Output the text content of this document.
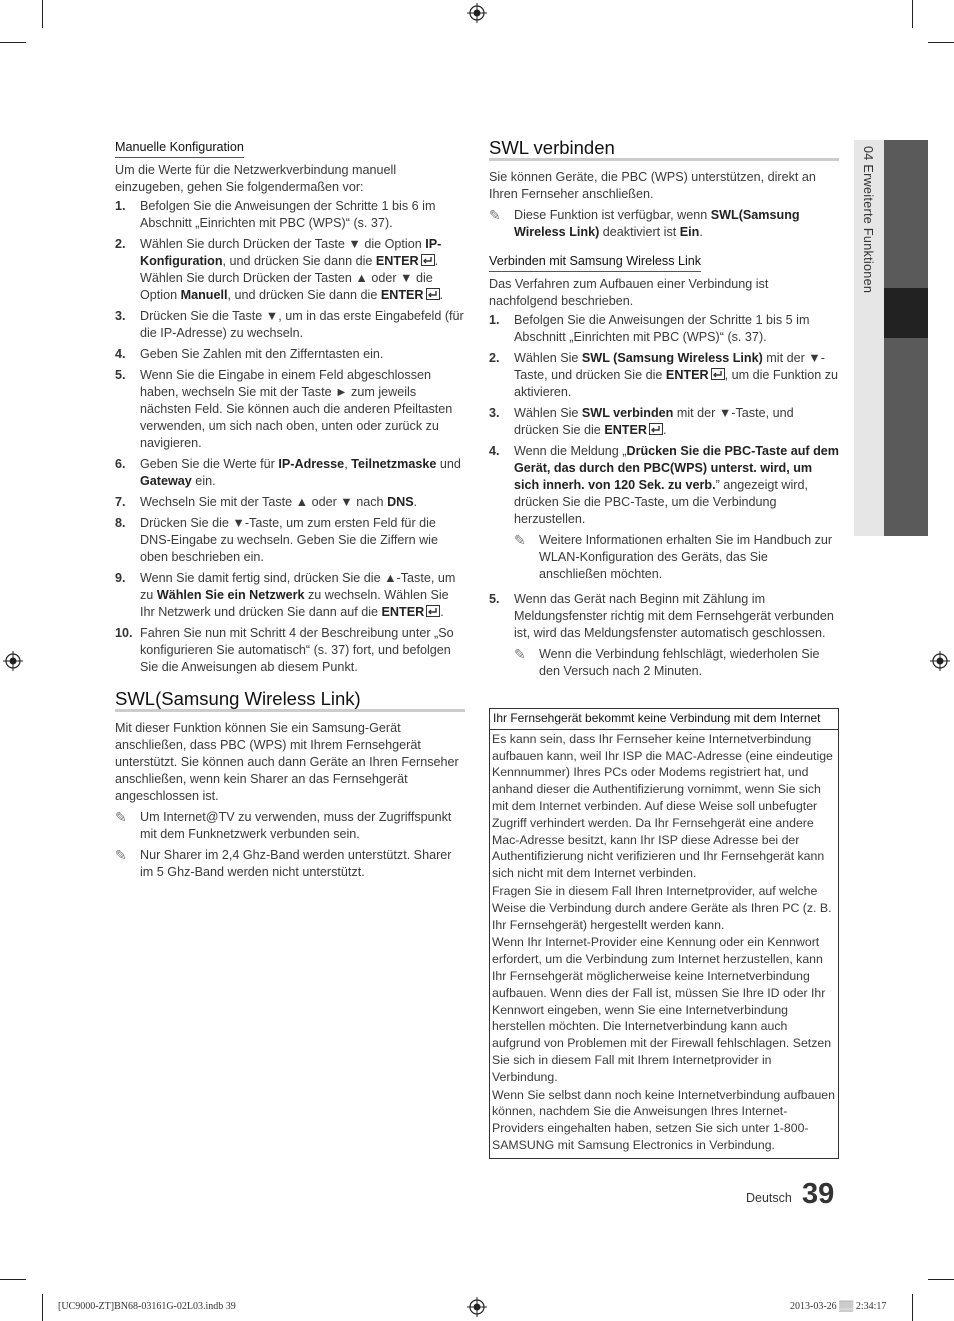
04 Erweiterte Funktionen
Manuelle Konfiguration

Um die Werte für die Netzwerkverbindung manuell einzugeben, gehen Sie folgendermaßen vor:

1.	Befolgen Sie die Anweisungen der Schritte 1 bis 6 im Abschnitt „Einrichten mit PBC (WPS)“ (s. 37).
2.	Wählen Sie durch Drücken der Taste ▼ die Option IP-Konfiguration, und drücken Sie dann die ENTER . Wählen Sie durch Drücken der Tasten ▲ oder ▼ die Option Manuell, und drücken Sie dann die ENTER .
3.	Drücken Sie die Taste ▼, um in das erste Eingabefeld (für die IP-Adresse) zu wechseln.
4.	Geben Sie Zahlen mit den Zifferntasten ein.
5.	Wenn Sie die Eingabe in einem Feld abgeschlossen haben, wechseln Sie mit der Taste ► zum jeweils nächsten Feld. Sie können auch die anderen Pfeiltasten verwenden, um sich nach oben, unten oder zurück zu navigieren.
6.	Geben Sie die Werte für IP-Adresse, Teilnetzmaske und Gateway ein.
7.	Wechseln Sie mit der Taste ▲ oder ▼ nach DNS.
8.	Drücken Sie die ▼-Taste, um zum ersten Feld für die DNS-Eingabe zu wechseln. Geben Sie die Ziffern wie oben beschrieben ein.
9.	Wenn Sie damit fertig sind, drücken Sie die ▲-Taste, um zu Wählen Sie ein Netzwerk zu wechseln. Wählen Sie Ihr Netzwerk und drücken Sie dann auf die ENTER .
10. Fahren Sie nun mit Schritt 4 der Beschreibung unter „So konfigurieren Sie automatisch“ (s. 37) fort, und befolgen Sie die Anweisungen ab diesem Punkt.
SWL(Samsung Wireless Link)

Mit dieser Funktion können Sie ein Samsung-Gerät anschließen, dass PBC (WPS) mit Ihrem Fernsehgerät unterstützt. Sie können auch dann Geräte an Ihren Fernseher anschließen, wenn kein Sharer an das Fernsehgerät angeschlossen ist.

✎	Um Internet@TV zu verwenden, muss der Zugriffspunkt mit dem Funknetzwerk verbunden sein.
✎	Nur Sharer im 2,4 Ghz-Band werden unterstützt. Sharer im 5 Ghz-Band werden nicht unterstützt.
SWL verbinden

Sie können Geräte, die PBC (WPS) unterstützen, direkt an Ihren Fernseher anschließen.

✎	Diese Funktion ist verfügbar, wenn SWL(Samsung Wireless Link) deaktiviert ist Ein.
Verbinden mit Samsung Wireless Link

Das Verfahren zum Aufbauen einer Verbindung ist nachfolgend beschrieben.

1.	Befolgen Sie die Anweisungen der Schritte 1 bis 5 im Abschnitt „Einrichten mit PBC (WPS)“ (s. 37).
2.	Wählen Sie SWL (Samsung Wireless Link) mit der ▼-Taste, und drücken Sie die ENTER , um die Funktion zu aktivieren.
3.	Wählen Sie SWL verbinden mit der ▼-Taste, und drücken Sie die ENTER .
4.	Wenn die Meldung „Drücken Sie die PBC-Taste auf dem Gerät, das durch den PBC(WPS) unterst. wird, um sich innerh. von 120 Sek. zu verb.” angezeigt wird, drücken Sie die PBC-Taste, um die Verbindung herzustellen.
✎	Weitere Informationen erhalten Sie im Handbuch zur WLAN-Konfiguration des Geräts, das Sie anschließen möchten.
5.	Wenn das Gerät nach Beginn mit Zählung im Meldungsfenster richtig mit dem Fernsehgerät verbunden ist, wird das Meldungsfenster automatisch geschlossen.
✎	Wenn die Verbindung fehlschlägt, wiederholen Sie den Versuch nach 2 Minuten.
Ihr Fernsehgerät bekommt keine Verbindung mit dem Internet

Es kann sein, dass Ihr Fernseher keine Internetverbindung aufbauen kann, weil Ihr ISP die MAC-Adresse (eine eindeutige Kennnummer) Ihres PCs oder Modems registriert hat, und anhand dieser die Authentifizierung vornimmt, wenn Sie sich mit dem Internet verbinden. Auf diese Weise soll unbefugter Zugriff verhindert werden. Da Ihr Fernsehgerät eine andere Mac-Adresse besitzt, kann Ihr ISP diese Adresse bei der Authentifizierung nicht verifizieren und Ihr Fernsehgerät kann sich nicht mit dem Internet verbinden.

Fragen Sie in diesem Fall Ihren Internetprovider, auf welche Weise die Verbindung durch andere Geräte als Ihren PC (z. B. Ihr Fernsehgerät) hergestellt werden kann.

Wenn Ihr Internet-Provider eine Kennung oder ein Kennwort erfordert, um die Verbindung zum Internet herzustellen, kann Ihr Fernsehgerät möglicherweise keine Internetverbindung aufbauen. Wenn dies der Fall ist, müssen Sie Ihre ID oder Ihr Kennwort eingeben, wenn Sie eine Internetverbindung herstellen möchten. Die Internetverbindung kann auch aufgrund von Problemen mit der Firewall fehlschlagen. Setzen Sie sich in diesem Fall mit Ihrem Internetprovider in Verbindung.

Wenn Sie selbst dann noch keine Internetverbindung aufbauen können, nachdem Sie die Anweisungen Ihres Internet-Providers eingehalten haben, setzen Sie sich unter 1-800-SAMSUNG mit Samsung Electronics in Verbindung.

Deutsch 39
[UC9000-ZT]BN68-03161G-02L03.indb 39	2013-03-26 ▒▒ 2:34:17
